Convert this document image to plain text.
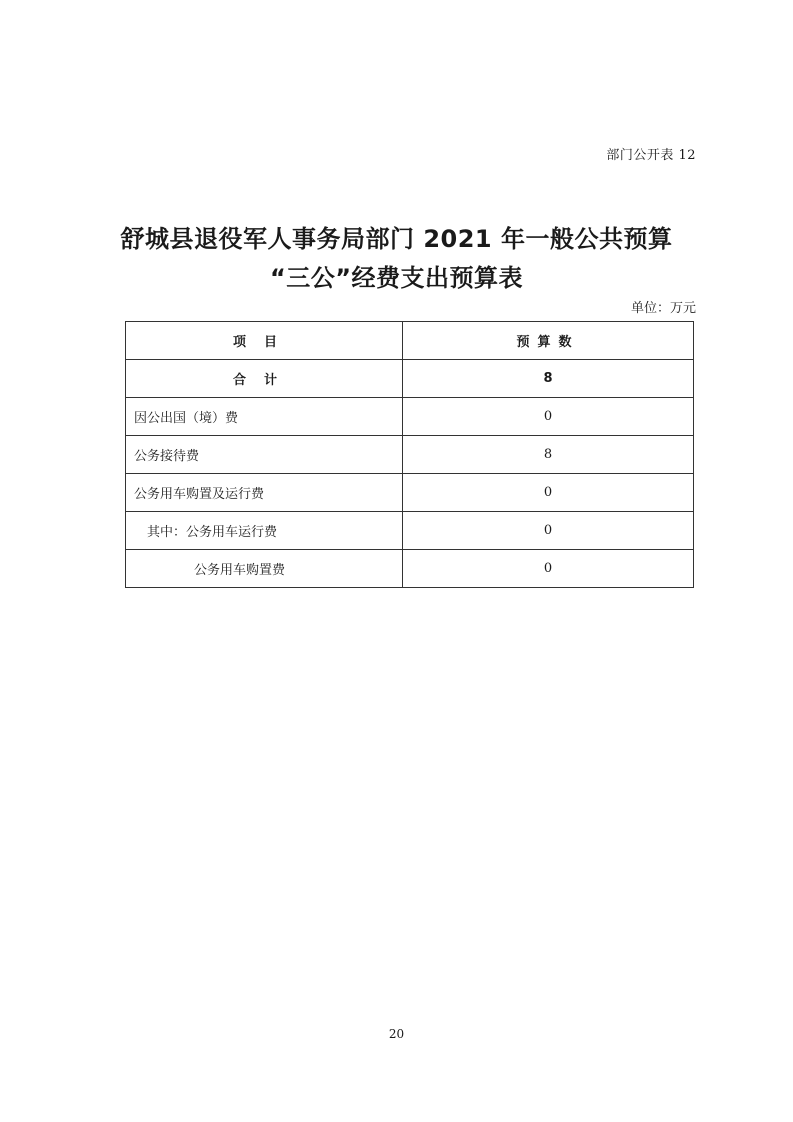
部门公开表 12
舒城县退役军人事务局部门 2021 年一般公共预算
“三公”经费支出预算表
单位：万元
项目	预算数
合计	8
因公出国（境）费	0
公务接待费	8
公务用车购置及运行费	0
其中：公务用车运行费	0
公务用车购置费	0
20
